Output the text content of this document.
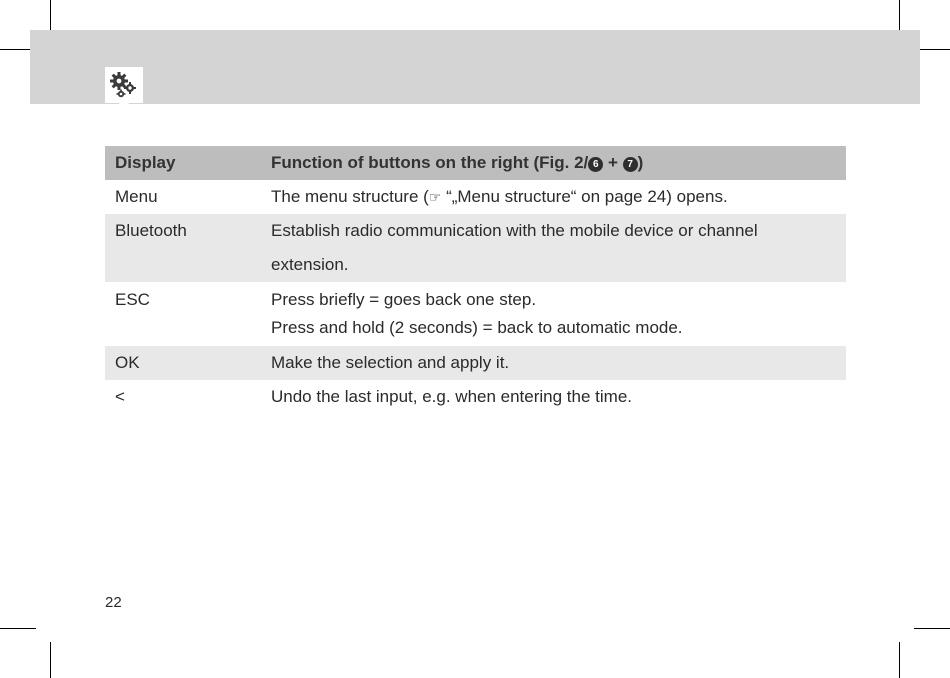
Display	Function of buttons on the right (Fig. 2/ 6 + 7 )
Menu	The menu structure (☞ “„Menu structure“ on page 24) opens.
Bluetooth	Establish radio communication with the mobile device or channel extension.
ESC	Press briefly = goes back one step.
Press and hold (2 seconds) = back to automatic mode.

OK	Make the selection and apply it.
<	Undo the last input, e.g. when entering the time.
22
